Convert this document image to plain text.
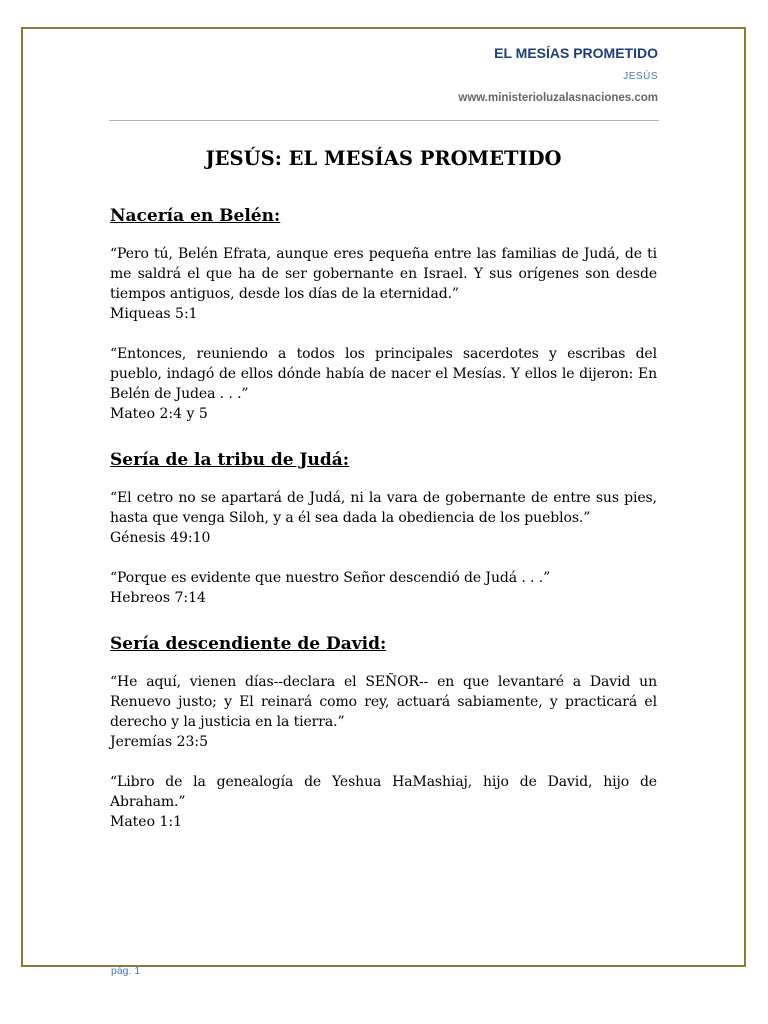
EL MESÍAS PROMETIDO
JESÚS
www.ministerioluzalasnaciones.com
JESÚS: EL MESÍAS PROMETIDO
Nacería en Belén:

“Pero tú, Belén Efrata, aunque eres pequeña entre las familias de Judá, de ti me saldrá el que ha de ser gobernante en Israel. Y sus orígenes son desde tiempos antiguos, desde los días de la eternidad.”

Miqueas 5:1

“Entonces, reuniendo a todos los principales sacerdotes y escribas del pueblo, indagó de ellos dónde había de nacer el Mesías. Y ellos le dijeron: En Belén de Judea . . .”

Mateo 2:4 y 5

Sería de la tribu de Judá:

“El cetro no se apartará de Judá, ni la vara de gobernante de entre sus pies, hasta que venga Siloh, y a él sea dada la obediencia de los pueblos.”

Génesis 49:10

“Porque es evidente que nuestro Señor descendió de Judá . . .”

Hebreos 7:14

Sería descendiente de David:

“He aquí, vienen días--declara el SEÑOR-- en que levantaré a David un Renuevo justo; y El reinará como rey, actuará sabiamente, y practicará el derecho y la justicia en la tierra.”

Jeremías 23:5

“Libro de la genealogía de Yeshua HaMashiaj, hijo de David, hijo de Abraham.”

Mateo 1:1

pág. 1
